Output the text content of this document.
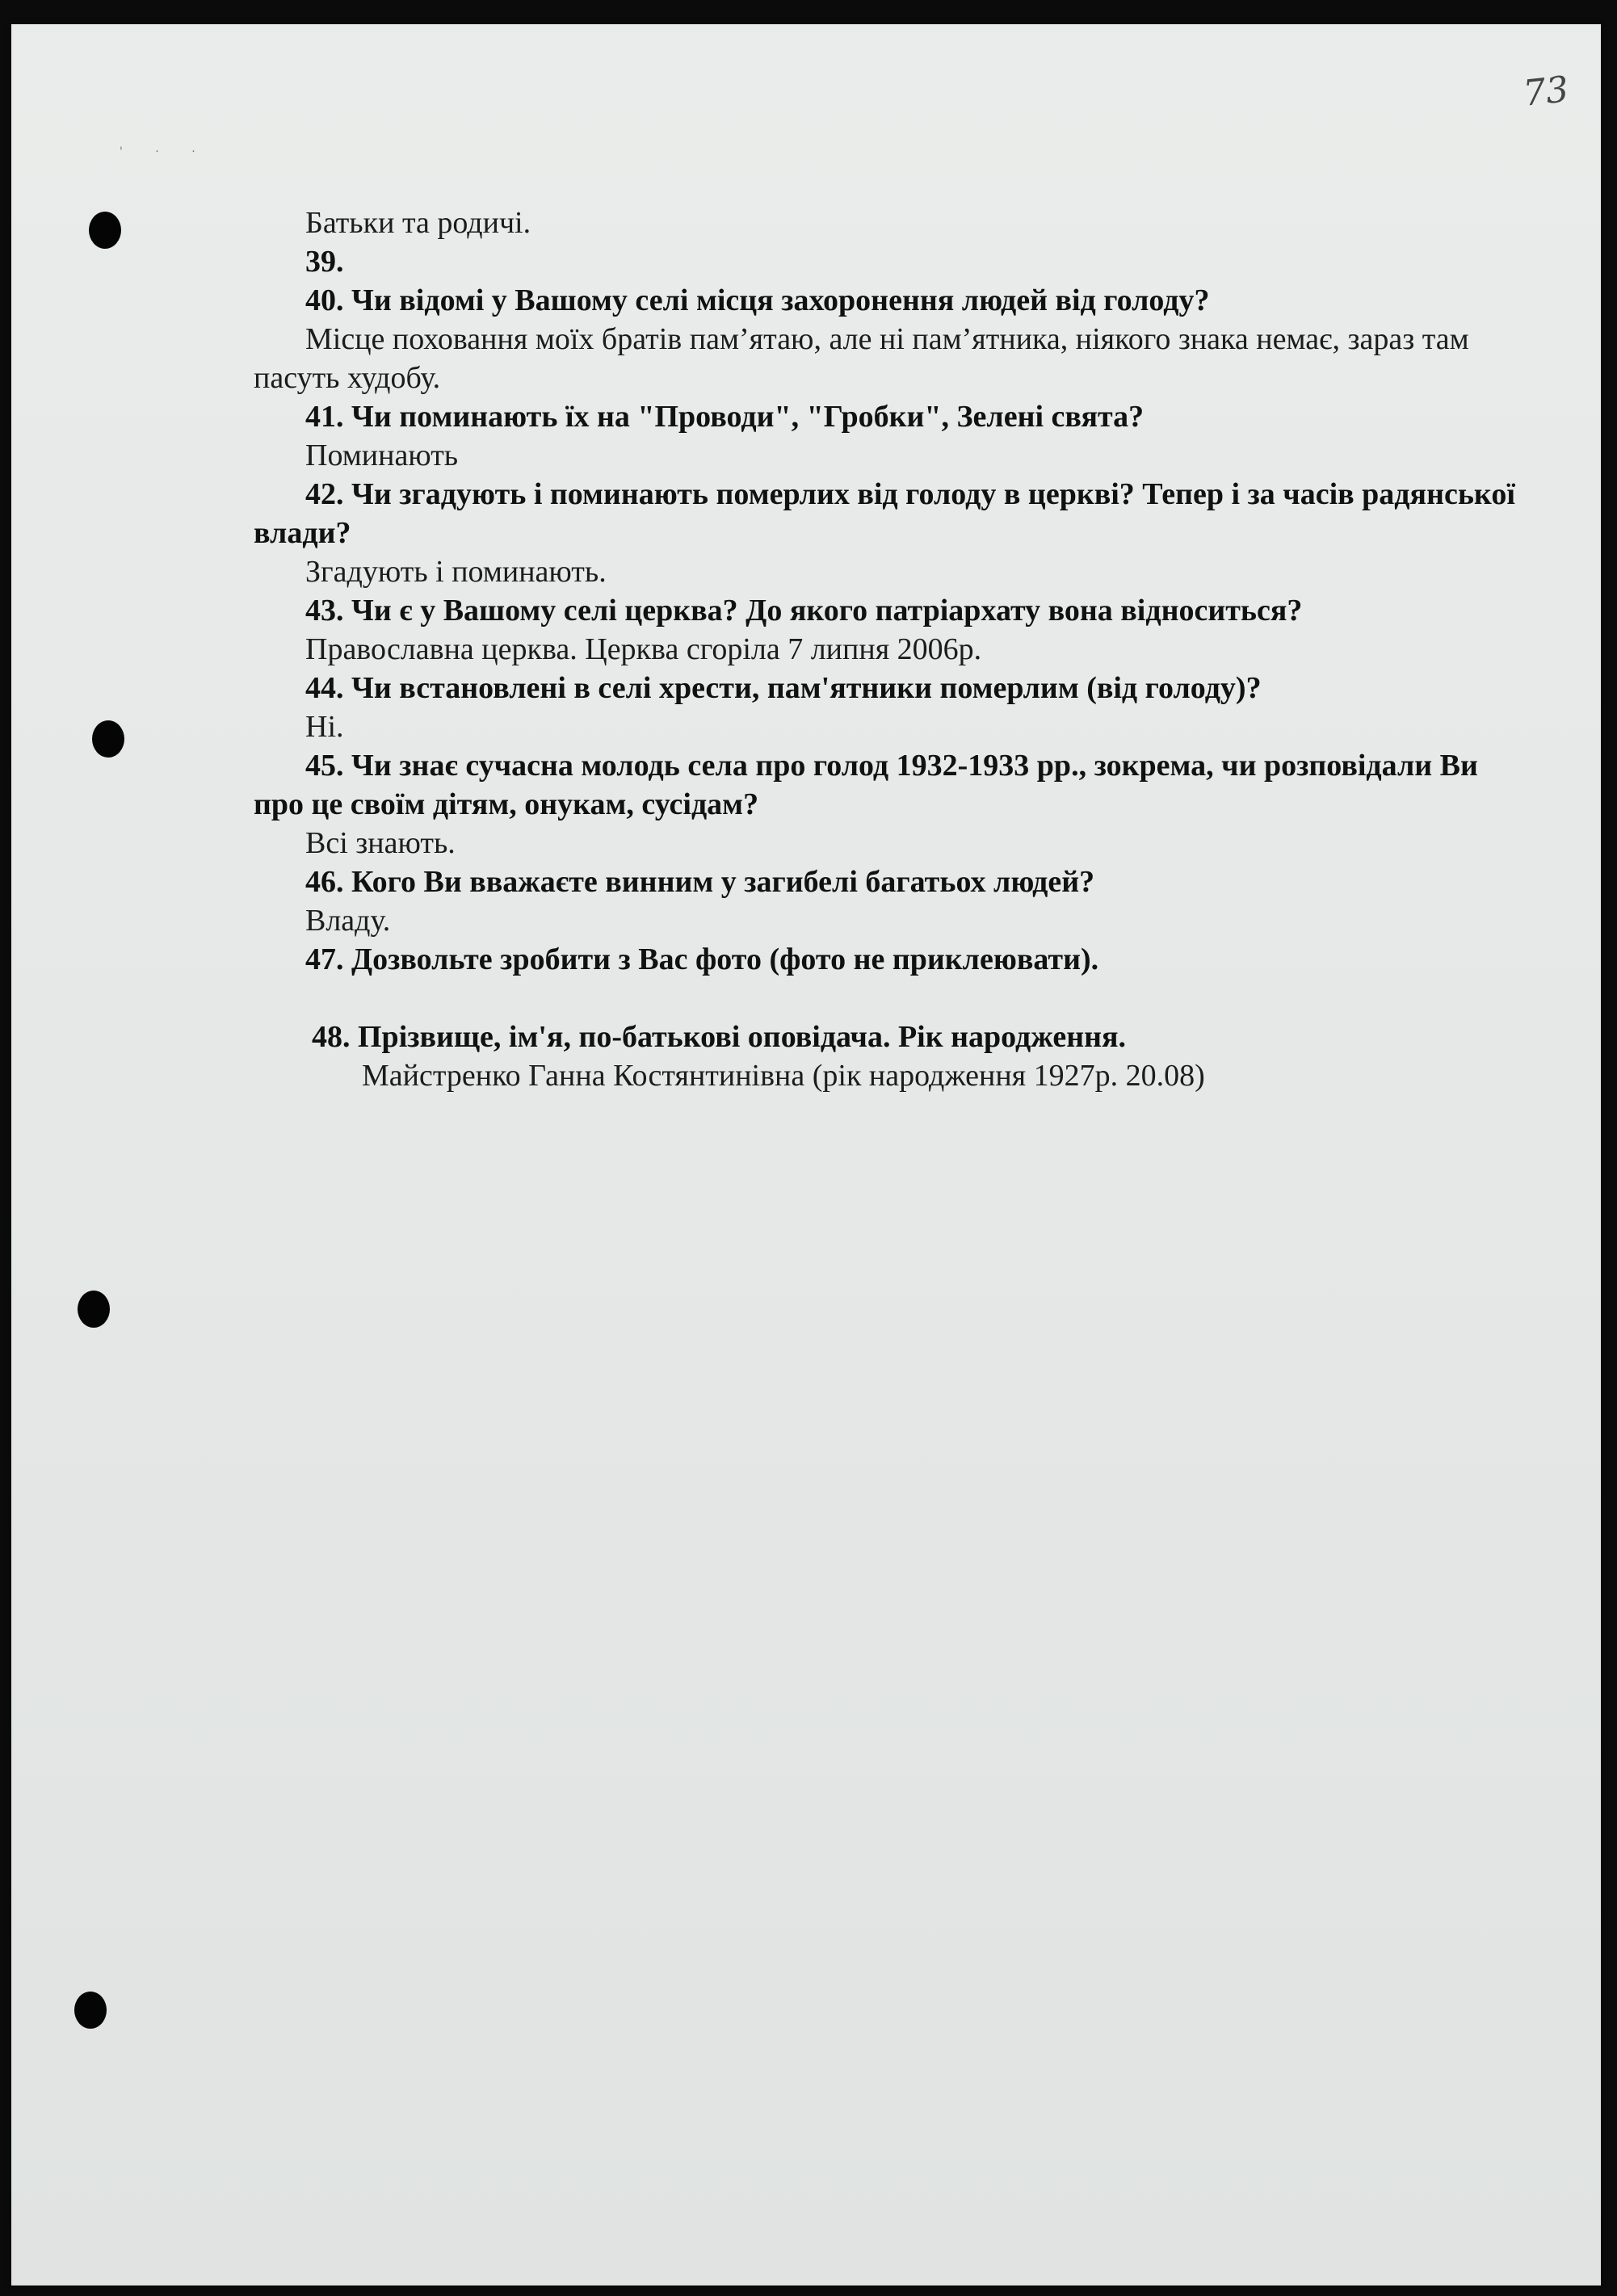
' · ·
73

Батьки та родичі.

39.

40. Чи відомі у Вашому селі місця захоронення людей від голоду?

Місце поховання моїх братів пам’ятаю, але ні пам’ятника, ніякого знака немає, зараз там пасуть худобу.

41. Чи поминають їх на "Проводи", "Гробки", Зелені свята?

Поминають

42. Чи згадують і поминають померлих від голоду в церкві? Тепер і за часів радянської влади?

Згадують і поминають.

43. Чи є у Вашому селі церква? До якого патріархату вона відноситься?

Православна церква. Церква сгоріла 7 липня 2006р.

44. Чи встановлені в селі хрести, пам'ятники померлим (від голоду)?

Ні.

45. Чи знає сучасна молодь села про голод 1932-1933 рр., зокрема, чи розповідали Ви про це своїм дітям, онукам, сусідам?

Всі знають.

46. Кого Ви вважаєте винним у загибелі багатьох людей?

Владу.

47. Дозвольте зробити з Вас фото (фото не приклеювати).

48. Прізвище, ім'я, по-батькові оповідача. Рік народження.

Майстренко Ганна Костянтинівна (рік народження 1927р. 20.08)
